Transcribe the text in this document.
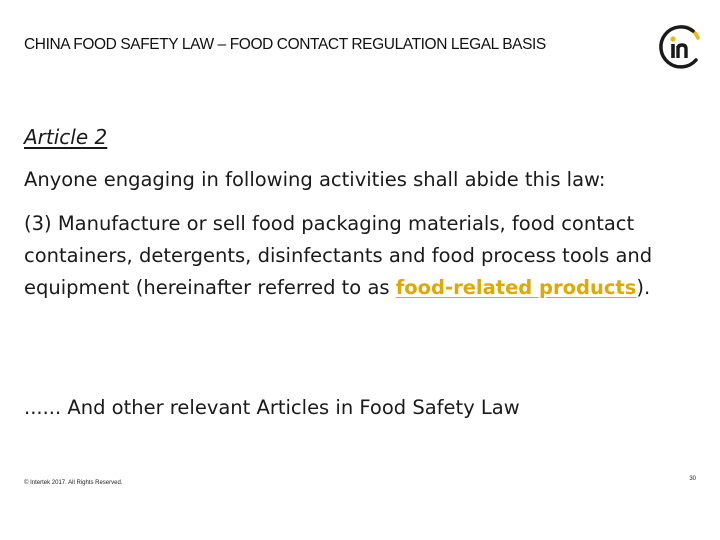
CHINA FOOD SAFETY LAW – FOOD CONTACT REGULATION LEGAL BASIS
Article 2
Anyone engaging in following activities shall abide this law:
(3) Manufacture or sell food packaging materials, food contact containers, detergents, disinfectants and food process tools and equipment (hereinafter referred to as food-related products).
...... And other relevant Articles in Food Safety Law
© Intertek 2017. All Rights Reserved.
30
